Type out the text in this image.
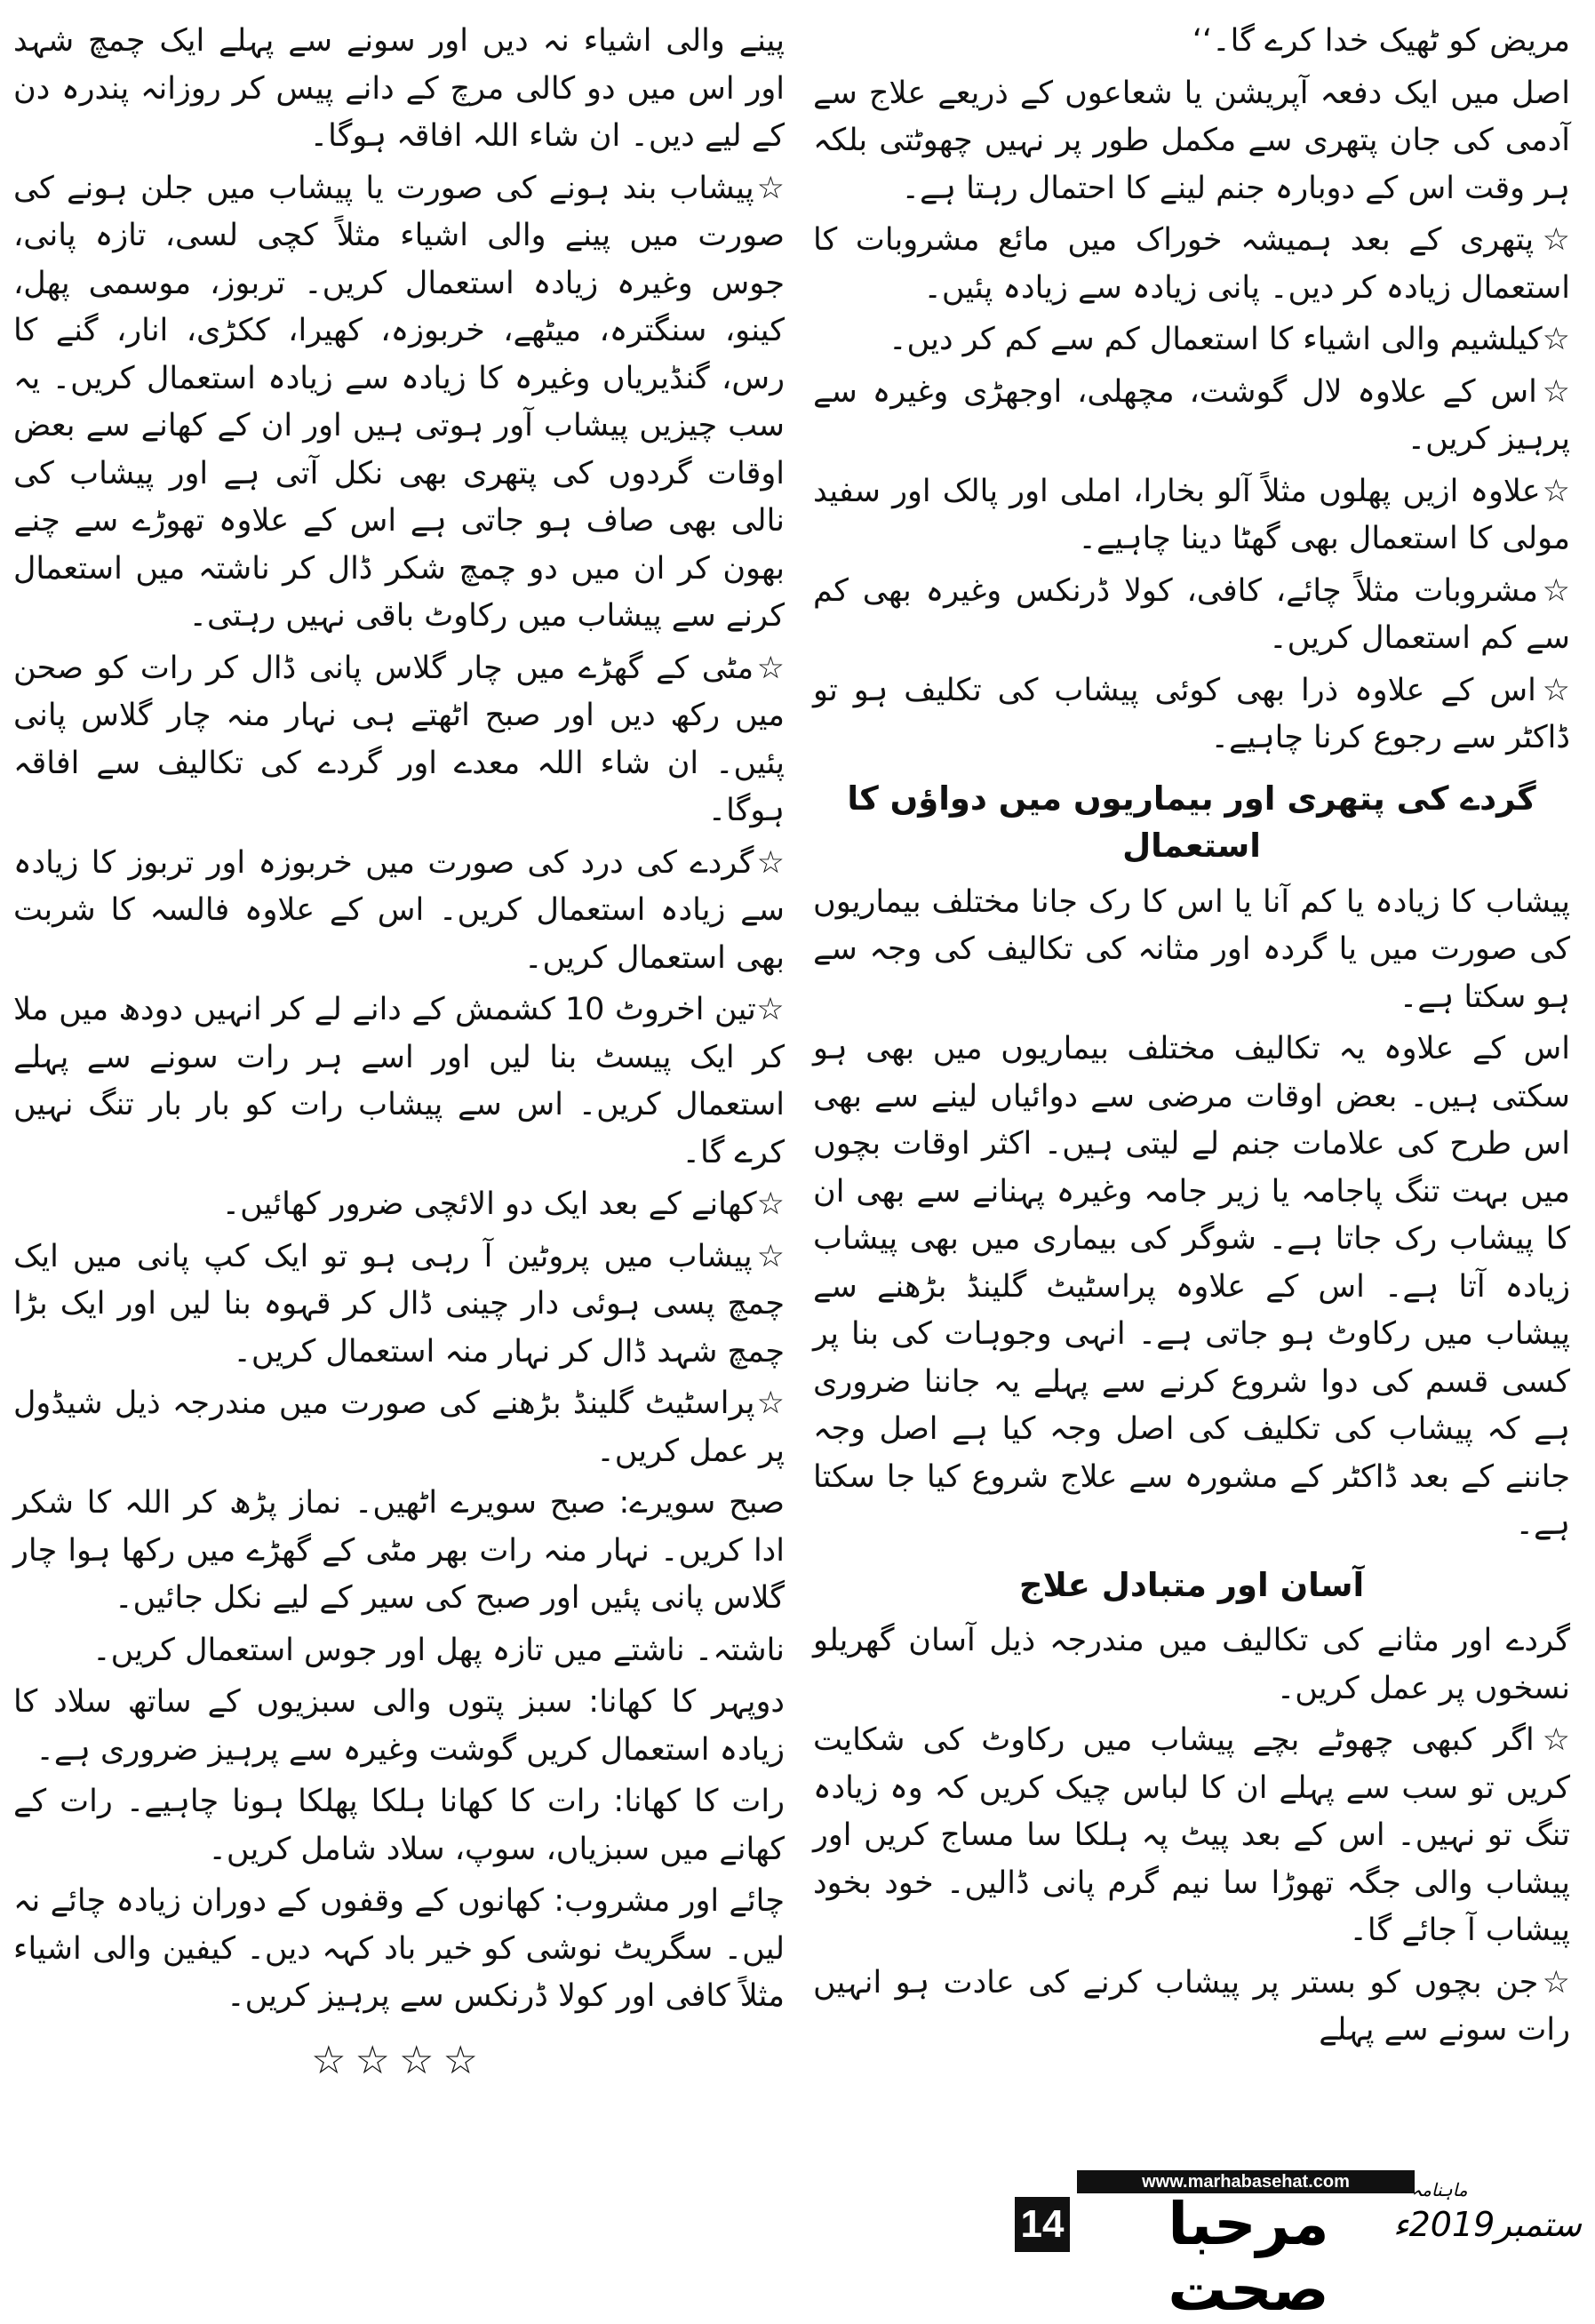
مریض کو ٹھیک خدا کرے گا۔‘‘

اصل میں ایک دفعہ آپریشن یا شعاعوں کے ذریعے علاج سے آدمی کی جان پتھری سے مکمل طور پر نہیں چھوٹتی بلکہ ہر وقت اس کے دوبارہ جنم لینے کا احتمال رہتا ہے۔

☆پتھری کے بعد ہمیشہ خوراک میں مائع مشروبات کا استعمال زیادہ کر دیں۔ پانی زیادہ سے زیادہ پئیں۔

☆کیلشیم والی اشیاء کا استعمال کم سے کم کر دیں۔

☆اس کے علاوہ لال گوشت، مچھلی، اوجھڑی وغیرہ سے پرہیز کریں۔

☆علاوہ ازیں پھلوں مثلاً آلو بخارا، املی اور پالک اور سفید مولی کا استعمال بھی گھٹا دینا چاہیے۔

☆مشروبات مثلاً چائے، کافی، کولا ڈرنکس وغیرہ بھی کم سے کم استعمال کریں۔

☆اس کے علاوہ ذرا بھی کوئی پیشاب کی تکلیف ہو تو ڈاکٹر سے رجوع کرنا چاہیے۔

گردے کی پتھری اور بیماریوں میں دواؤں کا استعمال

پیشاب کا زیادہ یا کم آنا یا اس کا رک جانا مختلف بیماریوں کی صورت میں یا گردہ اور مثانہ کی تکالیف کی وجہ سے ہو سکتا ہے۔

اس کے علاوہ یہ تکالیف مختلف بیماریوں میں بھی ہو سکتی ہیں۔ بعض اوقات مرضی سے دوائیاں لینے سے بھی اس طرح کی علامات جنم لے لیتی ہیں۔ اکثر اوقات بچوں میں بہت تنگ پاجامہ یا زیر جامہ وغیرہ پہنانے سے بھی ان کا پیشاب رک جاتا ہے۔ شوگر کی بیماری میں بھی پیشاب زیادہ آتا ہے۔ اس کے علاوہ پراسٹیٹ گلینڈ بڑھنے سے پیشاب میں رکاوٹ ہو جاتی ہے۔ انہی وجوہات کی بنا پر کسی قسم کی دوا شروع کرنے سے پہلے یہ جاننا ضروری ہے کہ پیشاب کی تکلیف کی اصل وجہ کیا ہے اصل وجہ جاننے کے بعد ڈاکٹر کے مشورہ سے علاج شروع کیا جا سکتا ہے۔

آسان اور متبادل علاج

گردے اور مثانے کی تکالیف میں مندرجہ ذیل آسان گھریلو نسخوں پر عمل کریں۔

☆اگر کبھی چھوٹے بچے پیشاب میں رکاوٹ کی شکایت کریں تو سب سے پہلے ان کا لباس چیک کریں کہ وہ زیادہ تنگ تو نہیں۔ اس کے بعد پیٹ پہ ہلکا سا مساج کریں اور پیشاب والی جگہ تھوڑا سا نیم گرم پانی ڈالیں۔ خود بخود پیشاب آ جائے گا۔

☆جن بچوں کو بستر پر پیشاب کرنے کی عادت ہو انہیں رات سونے سے پہلے

پینے والی اشیاء نہ دیں اور سونے سے پہلے ایک چمچ شہد اور اس میں دو کالی مرچ کے دانے پیس کر روزانہ پندرہ دن کے لیے دیں۔ ان شاء اللہ افاقہ ہوگا۔

☆پیشاب بند ہونے کی صورت یا پیشاب میں جلن ہونے کی صورت میں پینے والی اشیاء مثلاً کچی لسی، تازہ پانی، جوس وغیرہ زیادہ استعمال کریں۔ تربوز، موسمی پھل، کینو، سنگترہ، میٹھے، خربوزہ، کھیرا، ککڑی، انار، گنے کا رس، گنڈیریاں وغیرہ کا زیادہ سے زیادہ استعمال کریں۔ یہ سب چیزیں پیشاب آور ہوتی ہیں اور ان کے کھانے سے بعض اوقات گردوں کی پتھری بھی نکل آتی ہے اور پیشاب کی نالی بھی صاف ہو جاتی ہے اس کے علاوہ تھوڑے سے چنے بھون کر ان میں دو چمچ شکر ڈال کر ناشتہ میں استعمال کرنے سے پیشاب میں رکاوٹ باقی نہیں رہتی۔

☆مٹی کے گھڑے میں چار گلاس پانی ڈال کر رات کو صحن میں رکھ دیں اور صبح اٹھتے ہی نہار منہ چار گلاس پانی پئیں۔ ان شاء اللہ معدے اور گردے کی تکالیف سے افاقہ ہوگا۔

☆گردے کی درد کی صورت میں خربوزہ اور تربوز کا زیادہ سے زیادہ استعمال کریں۔ اس کے علاوہ فالسہ کا شربت بھی استعمال کریں۔

☆تین اخروٹ 10 کشمش کے دانے لے کر انہیں دودھ میں ملا کر ایک پیسٹ بنا لیں اور اسے ہر رات سونے سے پہلے استعمال کریں۔ اس سے پیشاب رات کو بار بار تنگ نہیں کرے گا۔

☆کھانے کے بعد ایک دو الائچی ضرور کھائیں۔

☆پیشاب میں پروٹین آ رہی ہو تو ایک کپ پانی میں ایک چمچ پسی ہوئی دار چینی ڈال کر قہوہ بنا لیں اور ایک بڑا چمچ شہد ڈال کر نہار منہ استعمال کریں۔

☆پراسٹیٹ گلینڈ بڑھنے کی صورت میں مندرجہ ذیل شیڈول پر عمل کریں۔

صبح سویرے: صبح سویرے اٹھیں۔ نماز پڑھ کر اللہ کا شکر ادا کریں۔ نہار منہ رات بھر مٹی کے گھڑے میں رکھا ہوا چار گلاس پانی پئیں اور صبح کی سیر کے لیے نکل جائیں۔

ناشتہ۔ ناشتے میں تازہ پھل اور جوس استعمال کریں۔

دوپہر کا کھانا: سبز پتوں والی سبزیوں کے ساتھ سلاد کا زیادہ استعمال کریں گوشت وغیرہ سے پرہیز ضروری ہے۔

رات کا کھانا: رات کا کھانا ہلکا پھلکا ہونا چاہیے۔ رات کے کھانے میں سبزیاں، سوپ، سلاد شامل کریں۔

چائے اور مشروب: کھانوں کے وقفوں کے دوران زیادہ چائے نہ لیں۔ سگریٹ نوشی کو خیر باد کہہ دیں۔ کیفین والی اشیاء مثلاً کافی اور کولا ڈرنکس سے پرہیز کریں۔

☆☆☆☆
www.marhabasehat.com
14	مرحبا صحت
ماہنامہ
ستمبر2019ء
